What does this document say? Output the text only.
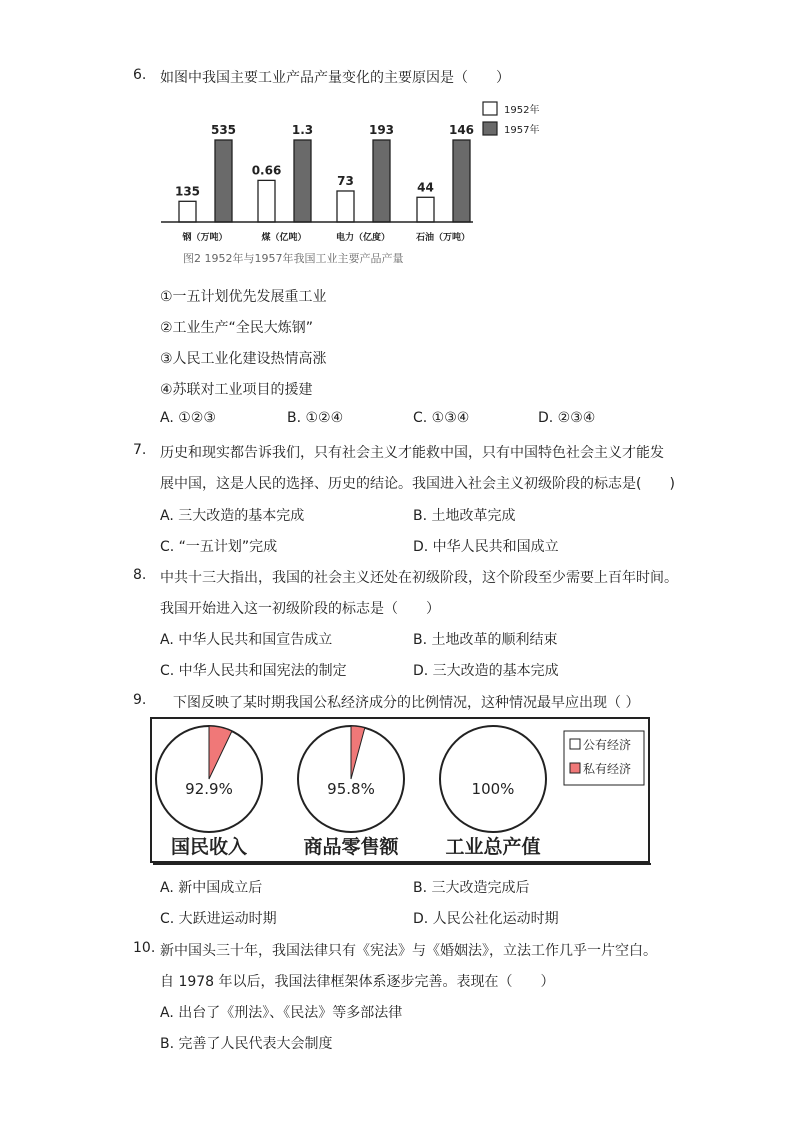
6. 如图中我国主要工业产品产量变化的主要原因是（　　）
135
535
0.66
1.3
73
193
44
146
钢（万吨）	煤（亿吨）	电力（亿度）	石油（万吨）
图2 1952年与1957年我国工业主要产品产量
1952年
1957年
①一五计划优先发展重工业
②工业生产“全民大炼钢”
③人民工业化建设热情高涨
④苏联对工业项目的援建
A. ①②③	B. ①②④	C. ①③④	D. ②③④
7. 历史和现实都告诉我们，只有社会主义才能救中国，只有中国特色社会主义才能发
展中国，这是人民的选择、历史的结论。我国进入社会主义初级阶段的标志是(　　)
A. 三大改造的基本完成	B. 土地改革完成
C. “一五计划”完成	D. 中华人民共和国成立
8. 中共十三大指出，我国的社会主义还处在初级阶段，这个阶段至少需要上百年时间。
我国开始进入这一初级阶段的标志是（　　）
A. 中华人民共和国宣告成立	B. 土地改革的顺利结束
C. 中华人民共和国宪法的制定	D. 三大改造的基本完成
9. 下图反映了某时期我国公私经济成分的比例情况，这种情况最早应出现（ ）
92.9%
国民收入
95.8%
商品零售额
100%
工业总产值
公有经济
私有经济
A. 新中国成立后	B. 三大改造完成后
C. 大跃进运动时期	D. 人民公社化运动时期
10. 新中国头三十年，我国法律只有《宪法》与《婚姻法》，立法工作几乎一片空白。
自 1978 年以后，我国法律框架体系逐步完善。表现在（　　）
A. 出台了《刑法》、《民法》等多部法律
B. 完善了人民代表大会制度
